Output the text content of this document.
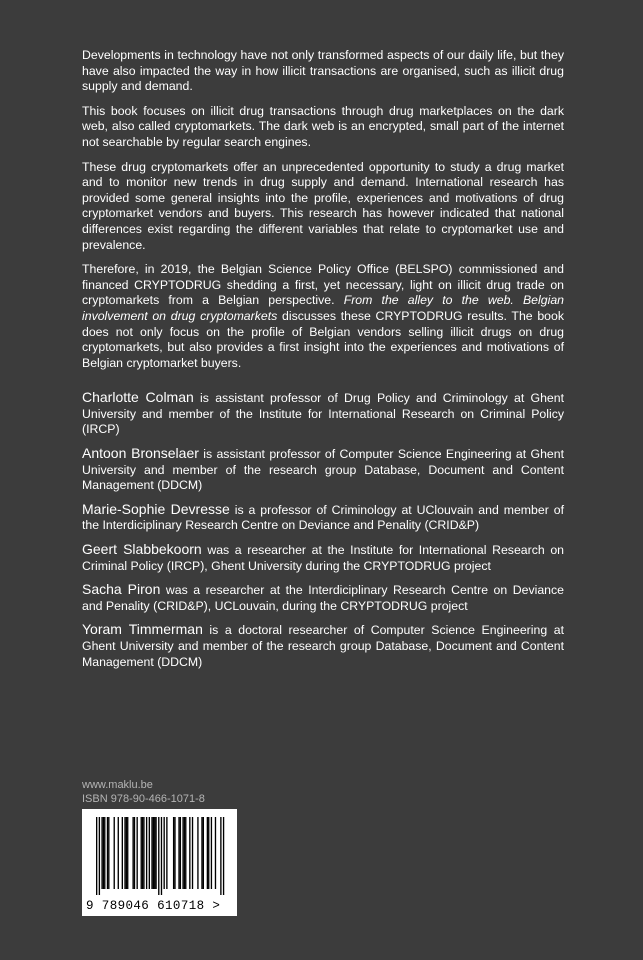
Developments in technology have not only transformed aspects of our daily life, but they have also impacted the way in how illicit transactions are organised, such as illicit drug supply and demand.

This book focuses on illicit drug transactions through drug marketplaces on the dark web, also called cryptomarkets. The dark web is an encrypted, small part of the internet not searchable by regular search engines.

These drug cryptomarkets offer an unprecedented opportunity to study a drug market and to monitor new trends in drug supply and demand. International research has provided some general insights into the profile, experiences and motivations of drug cryptomarket vendors and buyers. This research has however indicated that national differences exist regarding the different variables that relate to cryptomarket use and prevalence.

Therefore, in 2019, the Belgian Science Policy Office (BELSPO) commissioned and financed CRYPTODRUG shedding a first, yet necessary, light on illicit drug trade on cryptomarkets from a Belgian perspective. From the alley to the web. Belgian involvement on drug cryptomarkets discusses these CRYPTODRUG results. The book does not only focus on the profile of Belgian vendors selling illicit drugs on drug cryptomarkets, but also provides a first insight into the experiences and motivations of Belgian cryptomarket buyers.

Charlotte Colman is assistant professor of Drug Policy and Criminology at Ghent University and member of the Institute for International Research on Criminal Policy (IRCP)

Antoon Bronselaer is assistant professor of Computer Science Engineering at Ghent University and member of the research group Database, Document and Content Management (DDCM)

Marie-Sophie Devresse is a professor of Criminology at UClouvain and member of the Interdiciplinary Research Centre on Deviance and Penality (CRID&P)

Geert Slabbekoorn was a researcher at the Institute for International Research on Criminal Policy (IRCP), Ghent University during the CRYPTODRUG project

Sacha Piron was a researcher at the Interdiciplinary Research Centre on Deviance and Penality (CRID&P), UCLouvain, during the CRYPTODRUG project

Yoram Timmerman is a doctoral researcher of Computer Science Engineering at Ghent University and member of the research group Database, Document and Content Management (DDCM)

www.maklu.be
ISBN 978-90-466-1071-8
9 789046 610718 >
